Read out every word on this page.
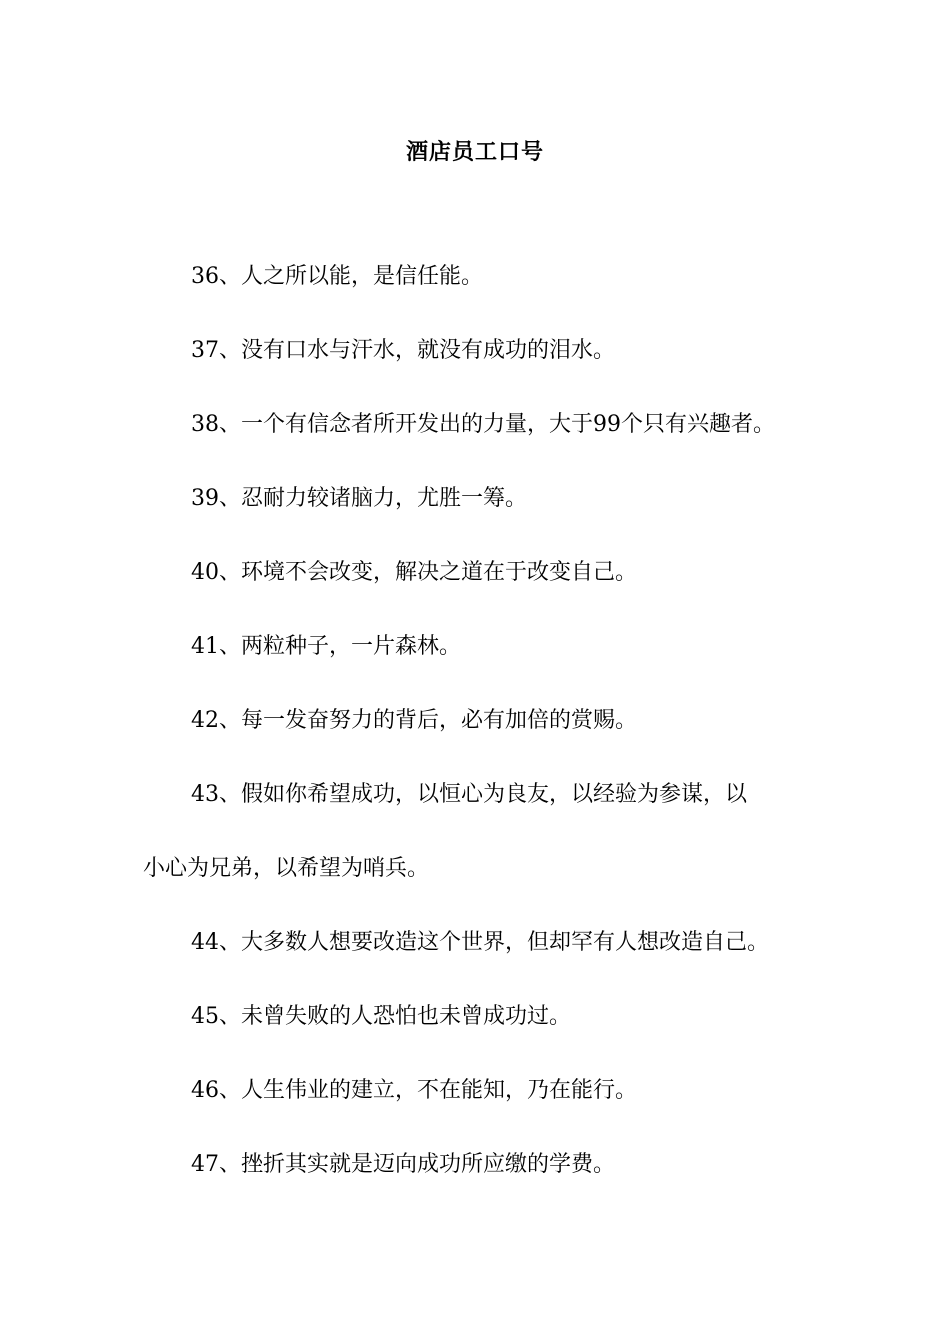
酒店员工口号

36、人之所以能，是信任能。

37、没有口水与汗水，就没有成功的泪水。

38、一个有信念者所开发出的力量，大于99个只有兴趣者。

39、忍耐力较诸脑力，尤胜一筹。

40、环境不会改变，解决之道在于改变自己。

41、两粒种子，一片森林。

42、每一发奋努力的背后，必有加倍的赏赐。

43、假如你希望成功，以恒心为良友，以经验为参谋，以
小心为兄弟，以希望为哨兵。

44、大多数人想要改造这个世界，但却罕有人想改造自己。

45、未曾失败的人恐怕也未曾成功过。

46、人生伟业的建立，不在能知，乃在能行。

47、挫折其实就是迈向成功所应缴的学费。
